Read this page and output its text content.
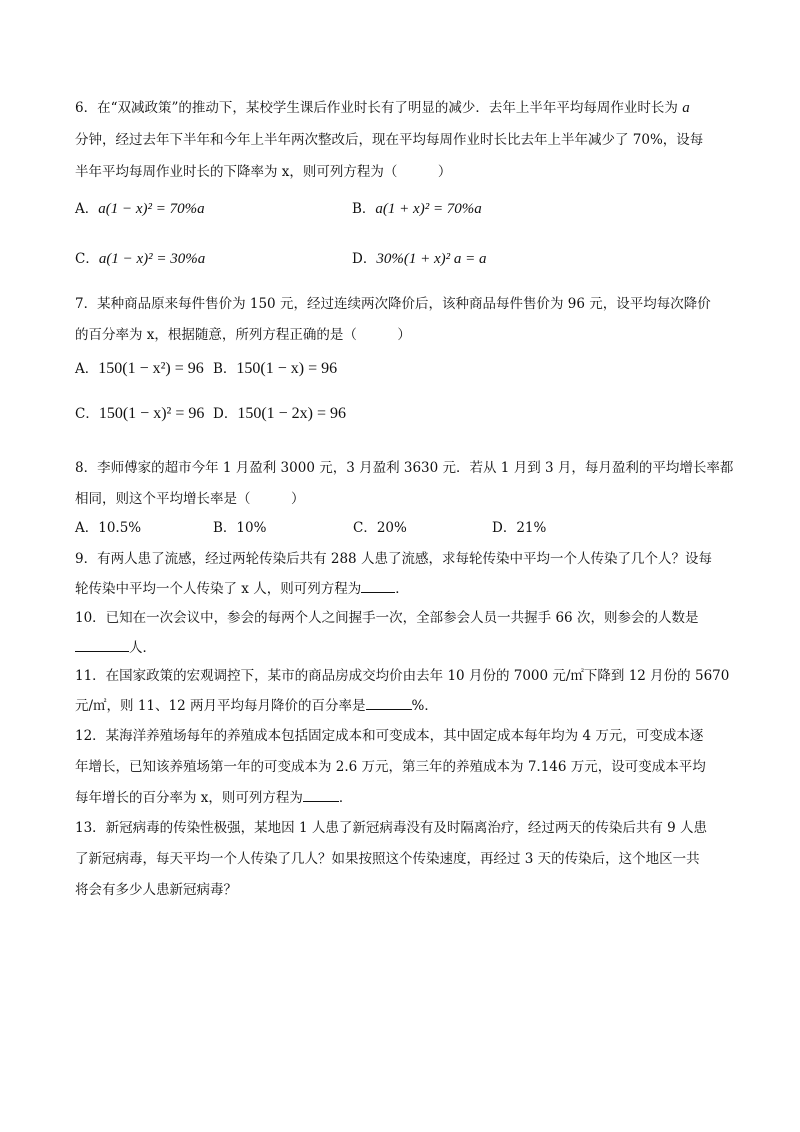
6．在“双减政策”的推动下，某校学生课后作业时长有了明显的减少．去年上半年平均每周作业时长为 a
分钟，经过去年下半年和今年上半年两次整改后，现在平均每周作业时长比去年上半年减少了 70%，设每
半年平均每周作业时长的下降率为 x，则可列方程为（　　　）
A．a(1 − x)² = 70%a	B．a(1 + x)² = 70%a
C．a(1 − x)² = 30%a	D．30%(1 + x)² a = a
7．某种商品原来每件售价为 150 元，经过连续两次降价后，该种商品每件售价为 96 元，设平均每次降价
的百分率为 x，根据随意，所列方程正确的是（　　　）
A．150(1 − x²) = 96 B．150(1 − x) = 96
C．150(1 − x)² = 96 D．150(1 − 2x) = 96
8．李师傅家的超市今年 1 月盈利 3000 元，3 月盈利 3630 元．若从 1 月到 3 月，每月盈利的平均增长率都
相同，则这个平均增长率是（　　　）
A．10.5%	B．10%	C．20%	D．21%
9．有两人患了流感，经过两轮传染后共有 288 人患了流感，求每轮传染中平均一个人传染了几个人？设每
轮传染中平均一个人传染了 x 人，则可列方程为	．
10．已知在一次会议中，参会的每两个人之间握手一次，全部参会人员一共握手 66 次，则参会的人数是
人．
11．在国家政策的宏观调控下，某市的商品房成交均价由去年 10 月份的 7000 元/㎡下降到 12 月份的 5670
元/㎡，则 11、12 两月平均每月降价的百分率是	%．
12．某海洋养殖场每年的养殖成本包括固定成本和可变成本，其中固定成本每年均为 4 万元，可变成本逐
年增长，已知该养殖场第一年的可变成本为 2.6 万元，第三年的养殖成本为 7.146 万元，设可变成本平均
每年增长的百分率为 x，则可列方程为	．
13．新冠病毒的传染性极强，某地因 1 人患了新冠病毒没有及时隔离治疗，经过两天的传染后共有 9 人患
了新冠病毒，每天平均一个人传染了几人？如果按照这个传染速度，再经过 3 天的传染后，这个地区一共
将会有多少人患新冠病毒？
